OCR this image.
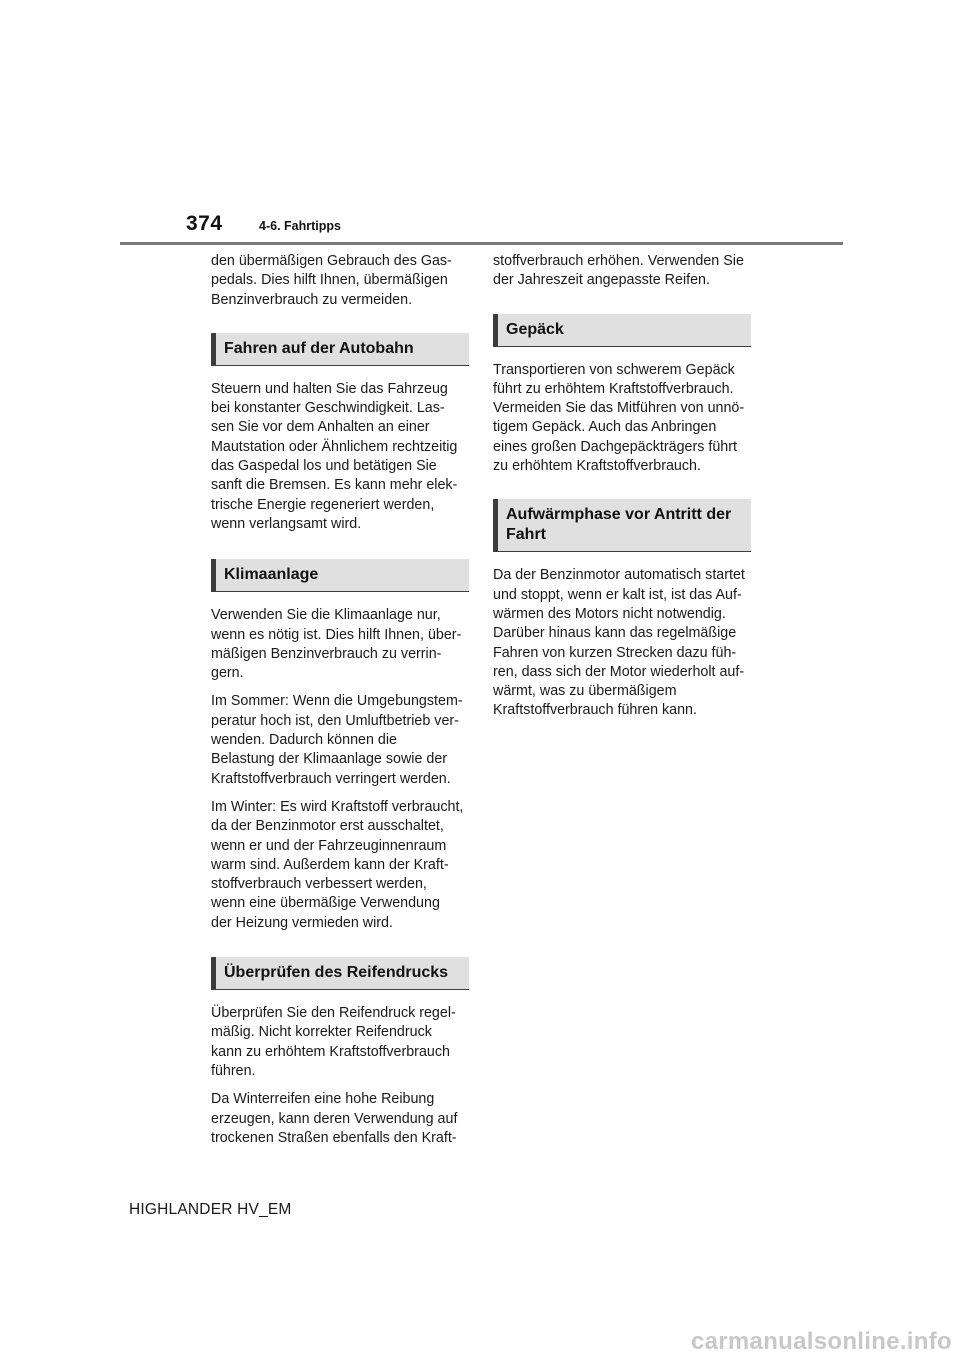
374	4-6. Fahrtipps

den übermäßigen Gebrauch des Gas-
pedals. Dies hilft Ihnen, übermäßigen
Benzinverbrauch zu vermeiden.

Fahren auf der Autobahn

Steuern und halten Sie das Fahrzeug
bei konstanter Geschwindigkeit. Las-
sen Sie vor dem Anhalten an einer
Mautstation oder Ähnlichem rechtzeitig
das Gaspedal los und betätigen Sie
sanft die Bremsen. Es kann mehr elek-
trische Energie regeneriert werden,
wenn verlangsamt wird.

Klimaanlage

Verwenden Sie die Klimaanlage nur,
wenn es nötig ist. Dies hilft Ihnen, über-
mäßigen Benzinverbrauch zu verrin-
gern.

Im Sommer: Wenn die Umgebungstem-
peratur hoch ist, den Umluftbetrieb ver-
wenden. Dadurch können die
Belastung der Klimaanlage sowie der
Kraftstoffverbrauch verringert werden.

Im Winter: Es wird Kraftstoff verbraucht,
da der Benzinmotor erst ausschaltet,
wenn er und der Fahrzeuginnenraum
warm sind. Außerdem kann der Kraft-
stoffverbrauch verbessert werden,
wenn eine übermäßige Verwendung
der Heizung vermieden wird.

Überprüfen des Reifendrucks

Überprüfen Sie den Reifendruck regel-
mäßig. Nicht korrekter Reifendruck
kann zu erhöhtem Kraftstoffverbrauch
führen.

Da Winterreifen eine hohe Reibung
erzeugen, kann deren Verwendung auf
trockenen Straßen ebenfalls den Kraft-

stoffverbrauch erhöhen. Verwenden Sie
der Jahreszeit angepasste Reifen.

Gepäck

Transportieren von schwerem Gepäck
führt zu erhöhtem Kraftstoffverbrauch.
Vermeiden Sie das Mitführen von unnö-
tigem Gepäck. Auch das Anbringen
eines großen Dachgepäckträgers führt
zu erhöhtem Kraftstoffverbrauch.

Aufwärmphase vor Antritt der
Fahrt

Da der Benzinmotor automatisch startet
und stoppt, wenn er kalt ist, ist das Auf-
wärmen des Motors nicht notwendig.
Darüber hinaus kann das regelmäßige
Fahren von kurzen Strecken dazu füh-
ren, dass sich der Motor wiederholt auf-
wärmt, was zu übermäßigem
Kraftstoffverbrauch führen kann.

HIGHLANDER HV_EM
carmanualsonline.info
